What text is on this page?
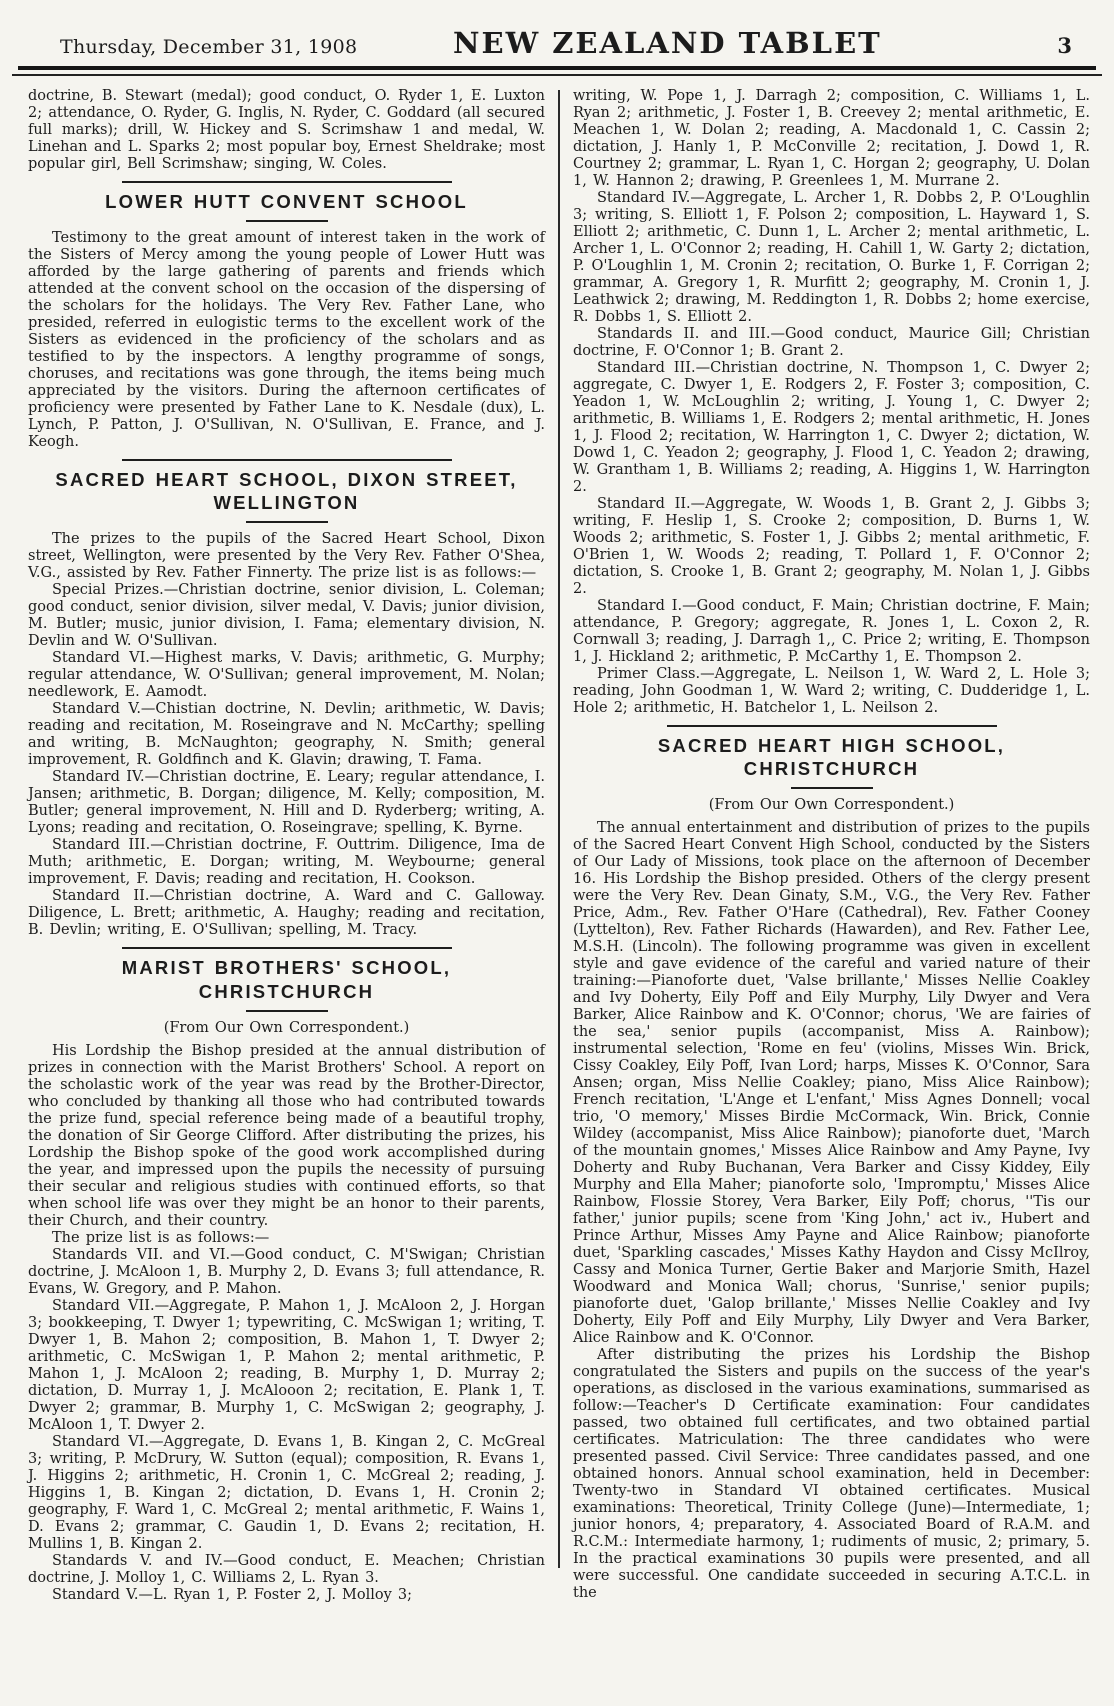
Thursday, December 31, 1908	NEW ZEALAND TABLET	3

doctrine, B. Stewart (medal); good conduct, O. Ryder 1, E. Luxton 2; attendance, O. Ryder, G. Inglis, N. Ryder, C. Goddard (all secured full marks); drill, W. Hickey and S. Scrimshaw 1 and medal, W. Linehan and L. Sparks 2; most popular boy, Ernest Sheldrake; most popular girl, Bell Scrimshaw; singing, W. Coles.

LOWER HUTT CONVENT SCHOOL

Testimony to the great amount of interest taken in the work of the Sisters of Mercy among the young people of Lower Hutt was afforded by the large gathering of parents and friends which attended at the convent school on the occasion of the dispersing of the scholars for the holidays. The Very Rev. Father Lane, who presided, referred in eulogistic terms to the excellent work of the Sisters as evidenced in the proficiency of the scholars and as testified to by the inspectors. A lengthy programme of songs, choruses, and recitations was gone through, the items being much appreciated by the visitors. During the afternoon certificates of proficiency were presented by Father Lane to K. Nesdale (dux), L. Lynch, P. Patton, J. O'Sullivan, N. O'Sullivan, E. France, and J. Keogh.

SACRED HEART SCHOOL, DIXON STREET, WELLINGTON

The prizes to the pupils of the Sacred Heart School, Dixon street, Wellington, were presented by the Very Rev. Father O'Shea, V.G., assisted by Rev. Father Finnerty. The prize list is as follows:—

Special Prizes.—Christian doctrine, senior division, L. Coleman; good conduct, senior division, silver medal, V. Davis; junior division, M. Butler; music, junior division, I. Fama; elementary division, N. Devlin and W. O'Sullivan.

Standard VI.—Highest marks, V. Davis; arithmetic, G. Murphy; regular attendance, W. O'Sullivan; general improvement, M. Nolan; needlework, E. Aamodt.

Standard V.—Chistian doctrine, N. Devlin; arithmetic, W. Davis; reading and recitation, M. Roseingrave and N. McCarthy; spelling and writing, B. McNaughton; geography, N. Smith; general improvement, R. Goldfinch and K. Glavin; drawing, T. Fama.

Standard IV.—Christian doctrine, E. Leary; regular attendance, I. Jansen; arithmetic, B. Dorgan; diligence, M. Kelly; composition, M. Butler; general improvement, N. Hill and D. Ryderberg; writing, A. Lyons; reading and recitation, O. Roseingrave; spelling, K. Byrne.

Standard III.—Christian doctrine, F. Outtrim. Diligence, Ima de Muth; arithmetic, E. Dorgan; writing, M. Weybourne; general improvement, F. Davis; reading and recitation, H. Cookson.

Standard II.—Christian doctrine, A. Ward and C. Galloway. Diligence, L. Brett; arithmetic, A. Haughy; reading and recitation, B. Devlin; writing, E. O'Sullivan; spelling, M. Tracy.

MARIST BROTHERS' SCHOOL, CHRISTCHURCH

(From Our Own Correspondent.)

His Lordship the Bishop presided at the annual distribution of prizes in connection with the Marist Brothers' School. A report on the scholastic work of the year was read by the Brother-Director, who concluded by thanking all those who had contributed towards the prize fund, special reference being made of a beautiful trophy, the donation of Sir George Clifford. After distributing the prizes, his Lordship the Bishop spoke of the good work accomplished during the year, and impressed upon the pupils the necessity of pursuing their secular and religious studies with continued efforts, so that when school life was over they might be an honor to their parents, their Church, and their country.

The prize list is as follows:—

Standards VII. and VI.—Good conduct, C. M'Swigan; Christian doctrine, J. McAloon 1, B. Murphy 2, D. Evans 3; full attendance, R. Evans, W. Gregory, and P. Mahon.

Standard VII.—Aggregate, P. Mahon 1, J. McAloon 2, J. Horgan 3; bookkeeping, T. Dwyer 1; typewriting, C. McSwigan 1; writing, T. Dwyer 1, B. Mahon 2; composition, B. Mahon 1, T. Dwyer 2; arithmetic, C. McSwigan 1, P. Mahon 2; mental arithmetic, P. Mahon 1, J. McAloon 2; reading, B. Murphy 1, D. Murray 2; dictation, D. Murray 1, J. McAlooon 2; recitation, E. Plank 1, T. Dwyer 2; grammar, B. Murphy 1, C. McSwigan 2; geography, J. McAloon 1, T. Dwyer 2.

Standard VI.—Aggregate, D. Evans 1, B. Kingan 2, C. McGreal 3; writing, P. McDrury, W. Sutton (equal); composition, R. Evans 1, J. Higgins 2; arithmetic, H. Cronin 1, C. McGreal 2; reading, J. Higgins 1, B. Kingan 2; dictation, D. Evans 1, H. Cronin 2; geography, F. Ward 1, C. McGreal 2; mental arithmetic, F. Wains 1, D. Evans 2; grammar, C. Gaudin 1, D. Evans 2; recitation, H. Mullins 1, B. Kingan 2.

Standards V. and IV.—Good conduct, E. Meachen; Christian doctrine, J. Molloy 1, C. Williams 2, L. Ryan 3.

Standard V.—L. Ryan 1, P. Foster 2, J. Molloy 3;

writing, W. Pope 1, J. Darragh 2; composition, C. Williams 1, L. Ryan 2; arithmetic, J. Foster 1, B. Creevey 2; mental arithmetic, E. Meachen 1, W. Dolan 2; reading, A. Macdonald 1, C. Cassin 2; dictation, J. Hanly 1, P. McConville 2; recitation, J. Dowd 1, R. Courtney 2; grammar, L. Ryan 1, C. Horgan 2; geography, U. Dolan 1, W. Hannon 2; drawing, P. Greenlees 1, M. Murrane 2.

Standard IV.—Aggregate, L. Archer 1, R. Dobbs 2, P. O'Loughlin 3; writing, S. Elliott 1, F. Polson 2; composition, L. Hayward 1, S. Elliott 2; arithmetic, C. Dunn 1, L. Archer 2; mental arithmetic, L. Archer 1, L. O'Connor 2; reading, H. Cahill 1, W. Garty 2; dictation, P. O'Loughlin 1, M. Cronin 2; recitation, O. Burke 1, F. Corrigan 2; grammar, A. Gregory 1, R. Murfitt 2; geography, M. Cronin 1, J. Leathwick 2; drawing, M. Reddington 1, R. Dobbs 2; home exercise, R. Dobbs 1, S. Elliott 2.

Standards II. and III.—Good conduct, Maurice Gill; Christian doctrine, F. O'Connor 1; B. Grant 2.

Standard III.—Christian doctrine, N. Thompson 1, C. Dwyer 2; aggregate, C. Dwyer 1, E. Rodgers 2, F. Foster 3; composition, C. Yeadon 1, W. McLoughlin 2; writing, J. Young 1, C. Dwyer 2; arithmetic, B. Williams 1, E. Rodgers 2; mental arithmetic, H. Jones 1, J. Flood 2; recitation, W. Harrington 1, C. Dwyer 2; dictation, W. Dowd 1, C. Yeadon 2; geography, J. Flood 1, C. Yeadon 2; drawing, W. Grantham 1, B. Williams 2; reading, A. Higgins 1, W. Harrington 2.

Standard II.—Aggregate, W. Woods 1, B. Grant 2, J. Gibbs 3; writing, F. Heslip 1, S. Crooke 2; composition, D. Burns 1, W. Woods 2; arithmetic, S. Foster 1, J. Gibbs 2; mental arithmetic, F. O'Brien 1, W. Woods 2; reading, T. Pollard 1, F. O'Connor 2; dictation, S. Crooke 1, B. Grant 2; geography, M. Nolan 1, J. Gibbs 2.

Standard I.—Good conduct, F. Main; Christian doctrine, F. Main; attendance, P. Gregory; aggregate, R. Jones 1, L. Coxon 2, R. Cornwall 3; reading, J. Darragh 1,, C. Price 2; writing, E. Thompson 1, J. Hickland 2; arithmetic, P. McCarthy 1, E. Thompson 2.

Primer Class.—Aggregate, L. Neilson 1, W. Ward 2, L. Hole 3; reading, John Goodman 1, W. Ward 2; writing, C. Dudderidge 1, L. Hole 2; arithmetic, H. Batchelor 1, L. Neilson 2.

SACRED HEART HIGH SCHOOL, CHRISTCHURCH

(From Our Own Correspondent.)

The annual entertainment and distribution of prizes to the pupils of the Sacred Heart Convent High School, conducted by the Sisters of Our Lady of Missions, took place on the afternoon of December 16. His Lordship the Bishop presided. Others of the clergy present were the Very Rev. Dean Ginaty, S.M., V.G., the Very Rev. Father Price, Adm., Rev. Father O'Hare (Cathedral), Rev. Father Cooney (Lyttelton), Rev. Father Richards (Hawarden), and Rev. Father Lee, M.S.H. (Lincoln). The following programme was given in excellent style and gave evidence of the careful and varied nature of their training:—Pianoforte duet, 'Valse brillante,' Misses Nellie Coakley and Ivy Doherty, Eily Poff and Eily Murphy, Lily Dwyer and Vera Barker, Alice Rainbow and K. O'Connor; chorus, 'We are fairies of the sea,' senior pupils (accompanist, Miss A. Rainbow); instrumental selection, 'Rome en feu' (violins, Misses Win. Brick, Cissy Coakley, Eily Poff, Ivan Lord; harps, Misses K. O'Connor, Sara Ansen; organ, Miss Nellie Coakley; piano, Miss Alice Rainbow); French recitation, 'L'Ange et L'enfant,' Miss Agnes Donnell; vocal trio, 'O memory,' Misses Birdie McCormack, Win. Brick, Connie Wildey (accompanist, Miss Alice Rainbow); pianoforte duet, 'March of the mountain gnomes,' Misses Alice Rainbow and Amy Payne, Ivy Doherty and Ruby Buchanan, Vera Barker and Cissy Kiddey, Eily Murphy and Ella Maher; pianoforte solo, 'Impromptu,' Misses Alice Rainbow, Flossie Storey, Vera Barker, Eily Poff; chorus, ''Tis our father,' junior pupils; scene from 'King John,' act iv., Hubert and Prince Arthur, Misses Amy Payne and Alice Rainbow; pianoforte duet, 'Sparkling cascades,' Misses Kathy Haydon and Cissy McIlroy, Cassy and Monica Turner, Gertie Baker and Marjorie Smith, Hazel Woodward and Monica Wall; chorus, 'Sunrise,' senior pupils; pianoforte duet, 'Galop brillante,' Misses Nellie Coakley and Ivy Doherty, Eily Poff and Eily Murphy, Lily Dwyer and Vera Barker, Alice Rainbow and K. O'Connor.

After distributing the prizes his Lordship the Bishop congratulated the Sisters and pupils on the success of the year's operations, as disclosed in the various examinations, summarised as follow:—Teacher's D Certificate examination: Four candidates passed, two obtained full certificates, and two obtained partial certificates. Matriculation: The three candidates who were presented passed. Civil Service: Three candidates passed, and one obtained honors. Annual school examination, held in December: Twenty-two in Standard VI obtained certificates. Musical examinations: Theoretical, Trinity College (June)—Intermediate, 1; junior honors, 4; preparatory, 4. Associated Board of R.A.M. and R.C.M.: Intermediate harmony, 1; rudiments of music, 2; primary, 5. In the practical examinations 30 pupils were presented, and all were successful. One candidate succeeded in securing A.T.C.L. in the
